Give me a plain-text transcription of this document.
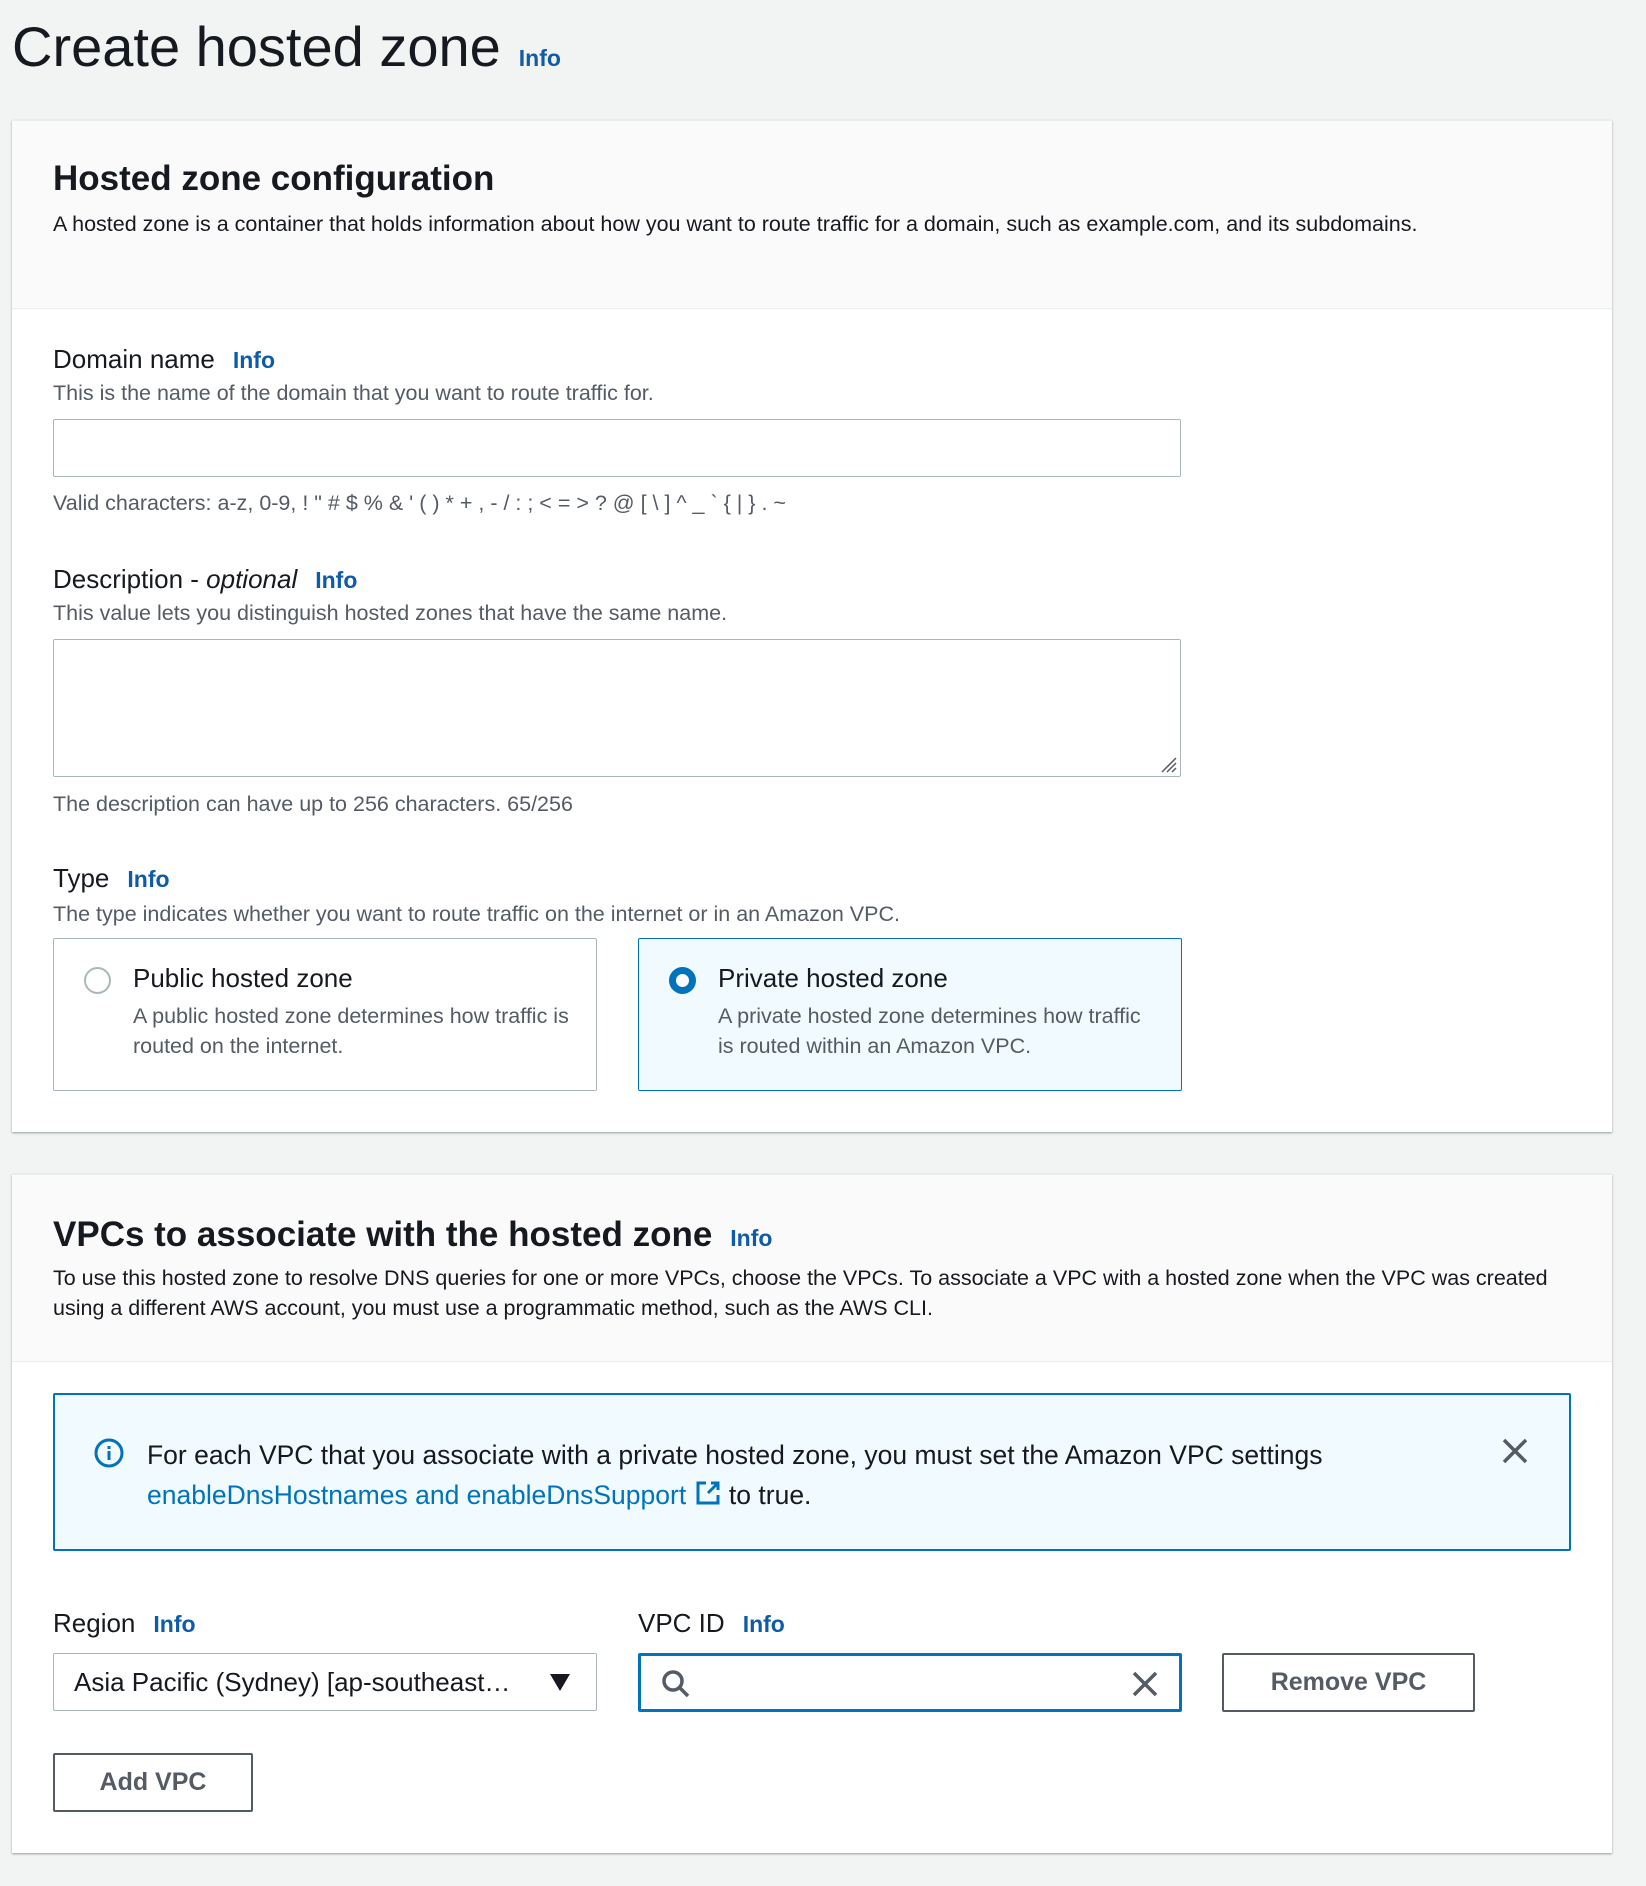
Create hosted zone Info
Hosted zone configuration
A hosted zone is a container that holds information about how you want to route traffic for a domain, such as example.com, and its subdomains.
Domain name Info
This is the name of the domain that you want to route traffic for.
Valid characters: a-z, 0-9, ! " # $ % & ' ( ) * + , - / : ; < = > ? @ [ \ ] ^ _ ` { | } . ~
Description - optional Info
This value lets you distinguish hosted zones that have the same name.
The description can have up to 256 characters. 65/256
Type Info
The type indicates whether you want to route traffic on the internet or in an Amazon VPC.
Public hosted zone
A public hosted zone determines how traffic is routed on the internet.
Private hosted zone
A private hosted zone determines how traffic is routed within an Amazon VPC.
VPCs to associate with the hosted zone Info
To use this hosted zone to resolve DNS queries for one or more VPCs, choose the VPCs. To associate a VPC with a hosted zone when the VPC was created using a different AWS account, you must use a programmatic method, such as the AWS CLI.
For each VPC that you associate with a private hosted zone, you must set the Amazon VPC settings
enableDnsHostnames and enableDnsSupport  to true.
Region Info	VPC ID Info
Asia Pacific (Sydney) [ap-southeast…	Remove VPC
Add VPC
